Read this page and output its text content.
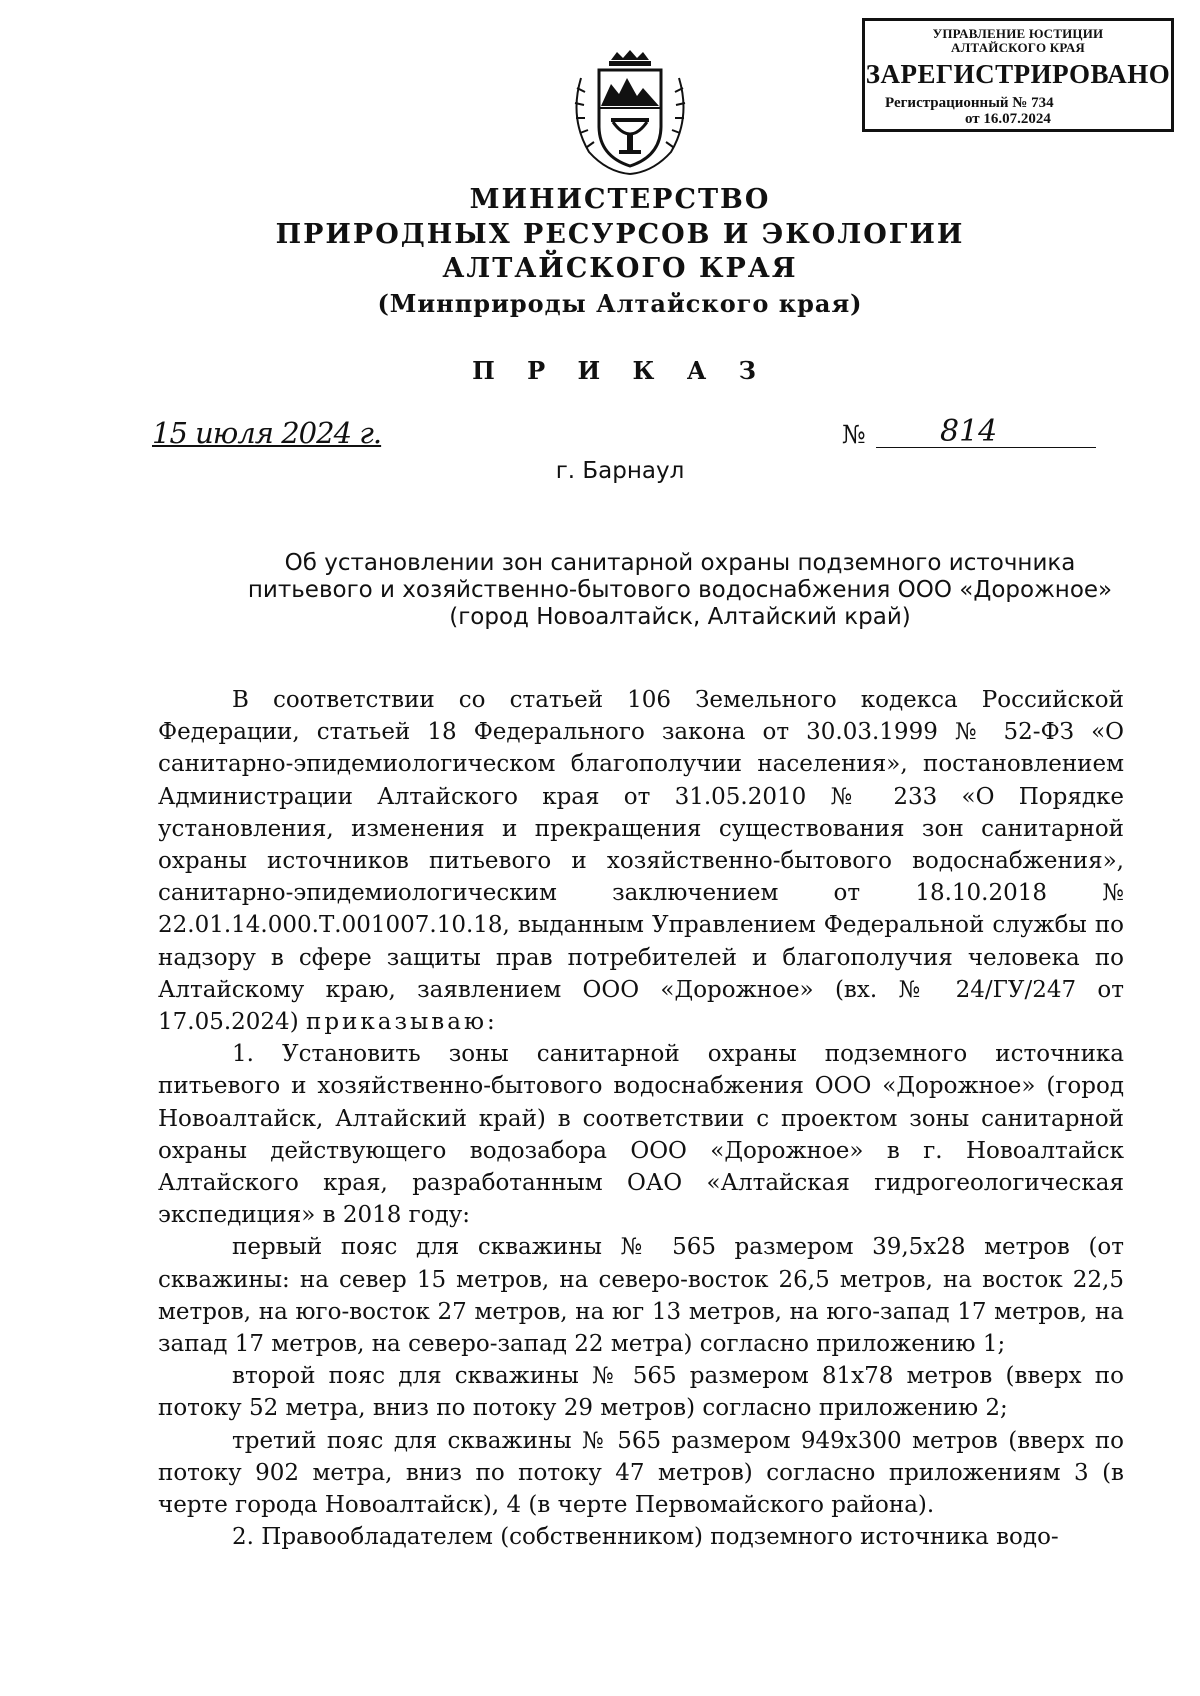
УПРАВЛЕНИЕ ЮСТИЦИИ
АЛТАЙСКОГО КРАЯ
ЗАРЕГИСТРИРОВАНО
Регистрационный № 734
от 16.07.2024
МИНИСТЕРСТВО
ПРИРОДНЫХ РЕСУРСОВ И ЭКОЛОГИИ
АЛТАЙСКОГО КРАЯ
(Минприроды Алтайского края)
П Р И К А З
15 июля 2024 г.	№ 814
г. Барнаул
Об установлении зон санитарной охраны подземного источника
питьевого и хозяйственно-бытового водоснабжения ООО «Дорожное»
(город Новоалтайск, Алтайский край)

В соответствии со статьей 106 Земельного кодекса Российской Федерации, статьей 18 Федерального закона от 30.03.1999 № 52-ФЗ «О санитарно-эпидемиологическом благополучии населения», постановлением Администрации Алтайского края от 31.05.2010 № 233 «О Порядке установления, изменения и прекращения существования зон санитарной охраны источников питьевого и хозяйственно-бытового водоснабжения», санитарно-эпидемиологическим заключением от 18.10.2018 № 22.01.14.000.Т.001007.10.18, выданным Управлением Федеральной службы по надзору в сфере защиты прав потребителей и благополучия человека по Алтайскому краю, заявлением ООО «Дорожное» (вх. № 24/ГУ/247 от 17.05.2024) приказываю:

1. Установить зоны санитарной охраны подземного источника питьевого и хозяйственно-бытового водоснабжения ООО «Дорожное» (город Новоалтайск, Алтайский край) в соответствии с проектом зоны санитарной охраны действующего водозабора ООО «Дорожное» в г. Новоалтайск Алтайского края, разработанным ОАО «Алтайская гидрогеологическая экспедиция» в 2018 году:

первый пояс для скважины № 565 размером 39,5х28 метров (от скважины: на север 15 метров, на северо-восток 26,5 метров, на восток 22,5 метров, на юго-восток 27 метров, на юг 13 метров, на юго-запад 17 метров, на запад 17 метров, на северо-запад 22 метра) согласно приложению 1;

второй пояс для скважины № 565 размером 81х78 метров (вверх по потоку 52 метра, вниз по потоку 29 метров) согласно приложению 2;

третий пояс для скважины № 565 размером 949х300 метров (вверх по потоку 902 метра, вниз по потоку 47 метров) согласно приложениям 3 (в черте города Новоалтайск), 4 (в черте Первомайского района).

2. Правообладателем (собственником) подземного источника водо-
